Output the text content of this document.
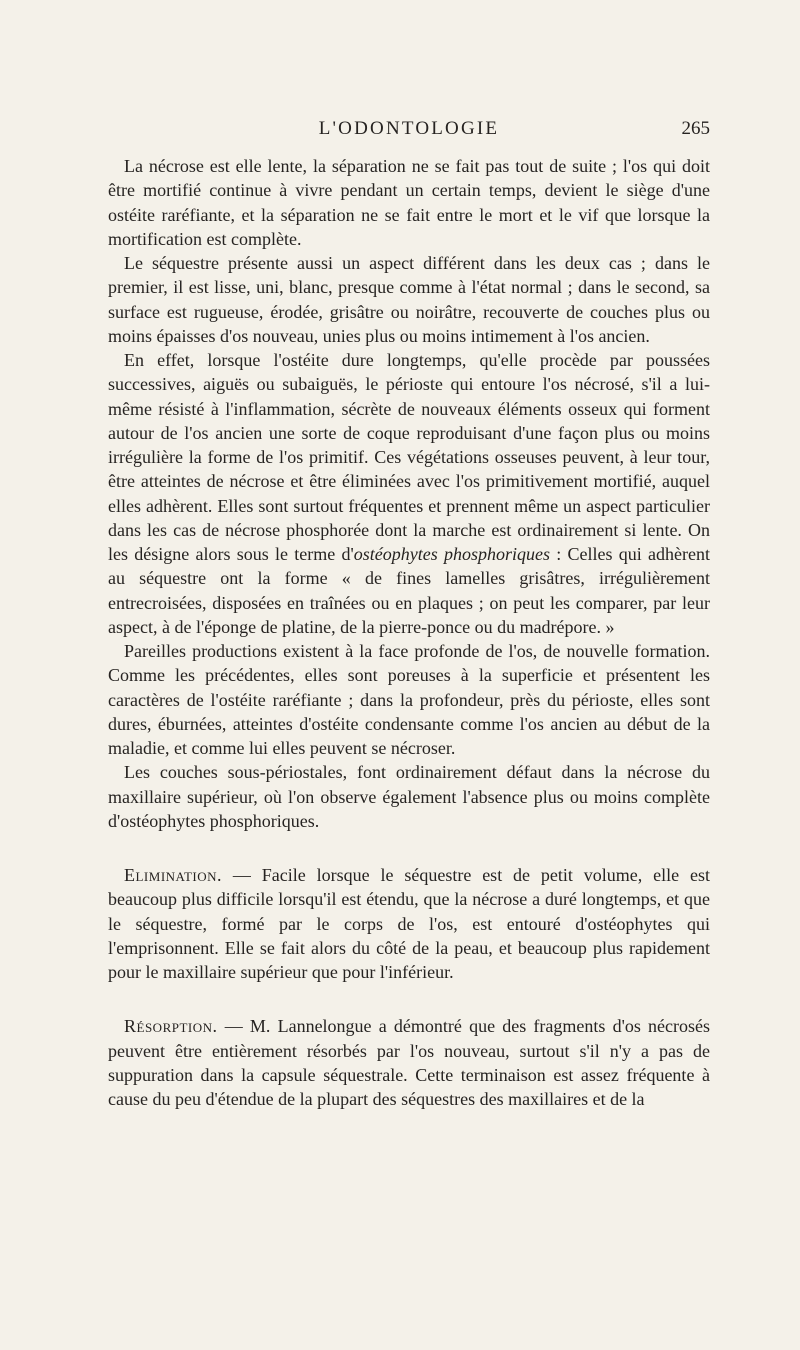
L'ODONTOLOGIE	265

La nécrose est elle lente, la séparation ne se fait pas tout de suite ; l'os qui doit être mortifié continue à vivre pendant un certain temps, devient le siège d'une ostéite raréfiante, et la séparation ne se fait entre le mort et le vif que lorsque la mortification est complète.

Le séquestre présente aussi un aspect différent dans les deux cas ; dans le premier, il est lisse, uni, blanc, presque comme à l'état normal ; dans le second, sa surface est rugueuse, érodée, grisâtre ou noirâtre, recouverte de couches plus ou moins épaisses d'os nouveau, unies plus ou moins intimement à l'os ancien.

En effet, lorsque l'ostéite dure longtemps, qu'elle procède par poussées successives, aiguës ou subaiguës, le périoste qui entoure l'os nécrosé, s'il a lui-même résisté à l'inflammation, sécrète de nouveaux éléments osseux qui forment autour de l'os ancien une sorte de coque reproduisant d'une façon plus ou moins irrégulière la forme de l'os primitif. Ces végétations osseuses peuvent, à leur tour, être atteintes de nécrose et être éliminées avec l'os primitivement mortifié, auquel elles adhèrent. Elles sont surtout fréquentes et prennent même un aspect particulier dans les cas de nécrose phosphorée dont la marche est ordinairement si lente. On les désigne alors sous le terme d'ostéophytes phosphoriques : Celles qui adhèrent au séquestre ont la forme « de fines lamelles grisâtres, irrégulièrement entrecroisées, disposées en traînées ou en plaques ; on peut les comparer, par leur aspect, à de l'éponge de platine, de la pierre-ponce ou du madrépore. »

Pareilles productions existent à la face profonde de l'os, de nouvelle formation. Comme les précédentes, elles sont poreuses à la superficie et présentent les caractères de l'ostéite raréfiante ; dans la profondeur, près du périoste, elles sont dures, éburnées, atteintes d'ostéite condensante comme l'os ancien au début de la maladie, et comme lui elles peuvent se nécroser.

Les couches sous-périostales, font ordinairement défaut dans la nécrose du maxillaire supérieur, où l'on observe également l'absence plus ou moins complète d'ostéophytes phosphoriques.

Elimination. — Facile lorsque le séquestre est de petit volume, elle est beaucoup plus difficile lorsqu'il est étendu, que la nécrose a duré longtemps, et que le séquestre, formé par le corps de l'os, est entouré d'ostéophytes qui l'emprisonnent. Elle se fait alors du côté de la peau, et beaucoup plus rapidement pour le maxillaire supérieur que pour l'inférieur.

Résorption. — M. Lannelongue a démontré que des fragments d'os nécrosés peuvent être entièrement résorbés par l'os nouveau, surtout s'il n'y a pas de suppuration dans la capsule séquestrale. Cette terminaison est assez fréquente à cause du peu d'étendue de la plupart des séquestres des maxillaires et de la
